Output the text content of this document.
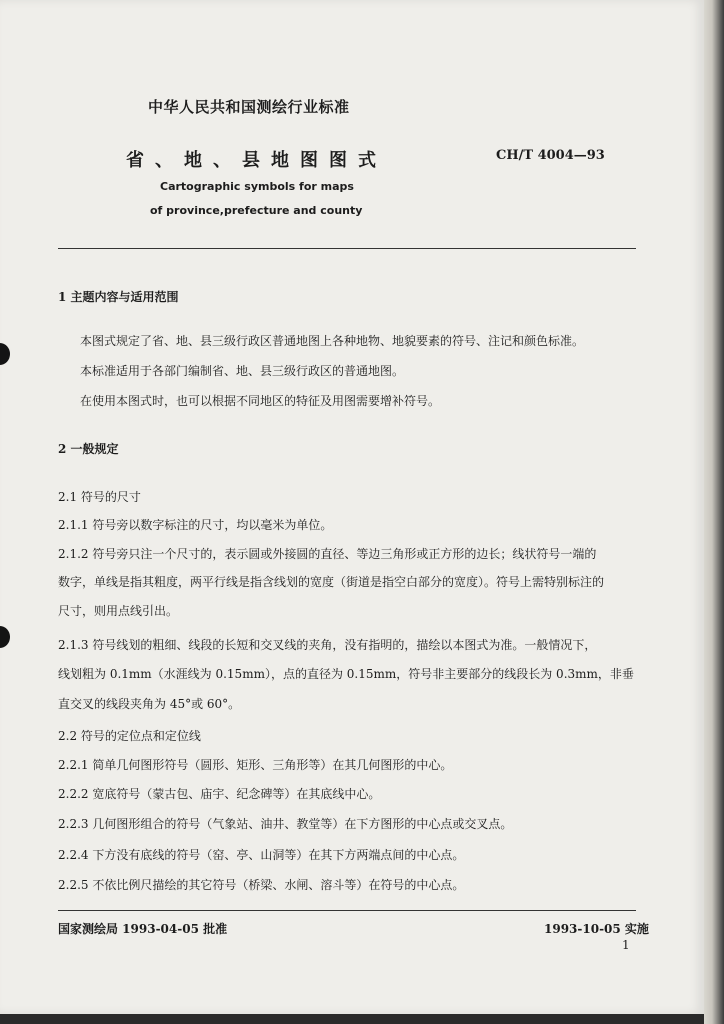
中华人民共和国测绘行业标准
省、地、县地图图式	CH/T 4004—93
Cartographic symbols for maps
of province,prefecture and county
1 主题内容与适用范围
本图式规定了省、地、县三级行政区普通地图上各种地物、地貌要素的符号、注记和颜色标准。
本标准适用于各部门编制省、地、县三级行政区的普通地图。
在使用本图式时，也可以根据不同地区的特征及用图需要增补符号。
2 一般规定
2.1 符号的尺寸
2.1.1 符号旁以数字标注的尺寸，均以毫米为单位。
2.1.2 符号旁只注一个尺寸的，表示圆或外接圆的直径、等边三角形或正方形的边长；线状符号一端的
数字，单线是指其粗度，两平行线是指含线划的宽度（街道是指空白部分的宽度）。符号上需特别标注的
尺寸，则用点线引出。
2.1.3 符号线划的粗细、线段的长短和交叉线的夹角，没有指明的，描绘以本图式为准。一般情况下，
线划粗为 0.1mm（水涯线为 0.15mm），点的直径为 0.15mm，符号非主要部分的线段长为 0.3mm，非垂
直交叉的线段夹角为 45°或 60°。
2.2 符号的定位点和定位线
2.2.1 简单几何图形符号（圆形、矩形、三角形等）在其几何图形的中心。
2.2.2 宽底符号（蒙古包、庙宇、纪念碑等）在其底线中心。
2.2.3 几何图形组合的符号（气象站、油井、教堂等）在下方图形的中心点或交叉点。
2.2.4 下方没有底线的符号（窑、亭、山洞等）在其下方两端点间的中心点。
2.2.5 不依比例尺描绘的其它符号（桥梁、水闸、溶斗等）在符号的中心点。
国家测绘局 1993-04-05 批准	1993-10-05 实施
1
